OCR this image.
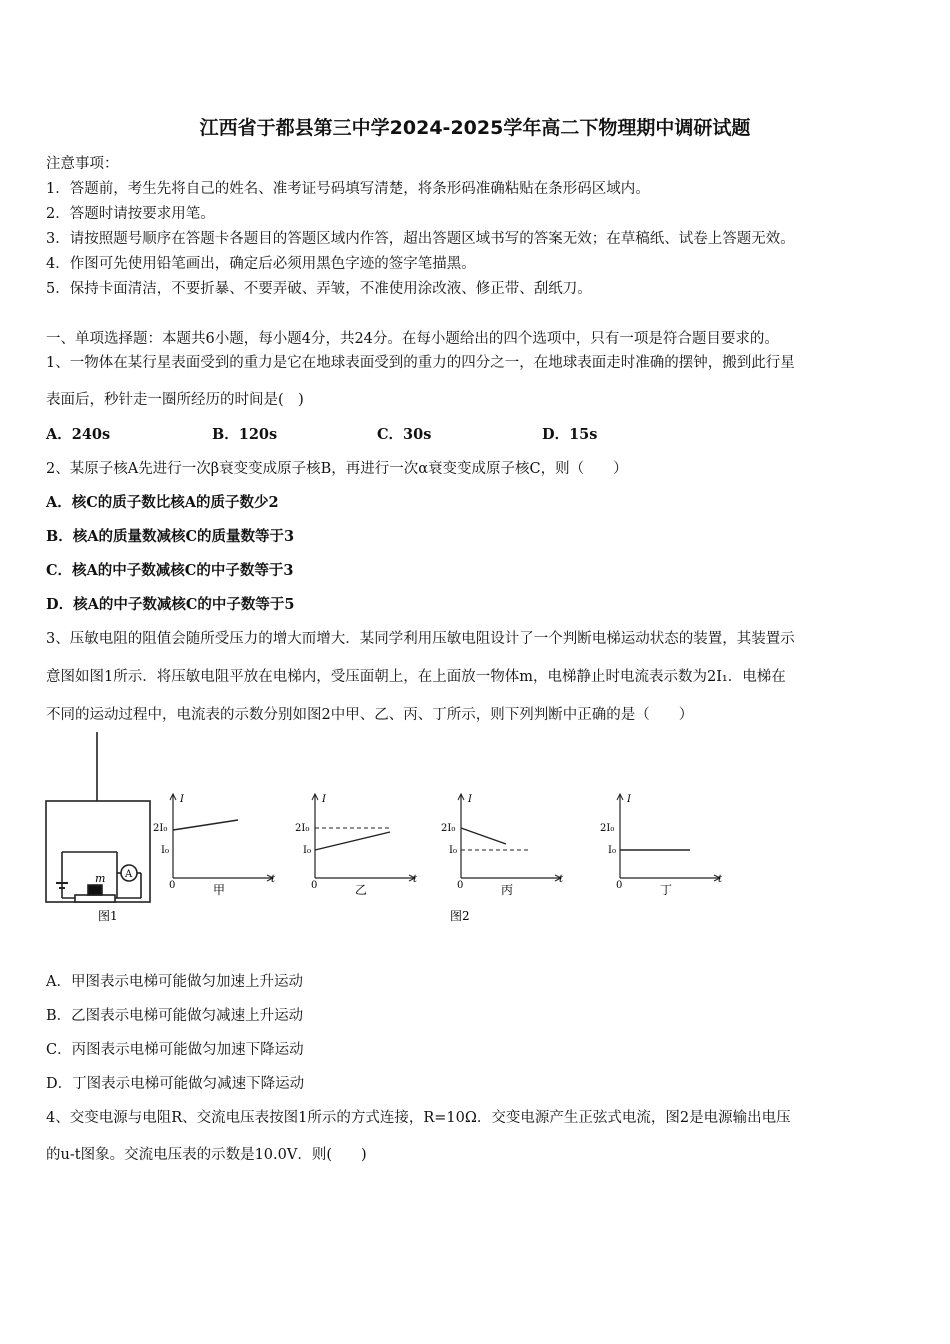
江西省于都县第三中学2024-2025学年高二下物理期中调研试题
注意事项：
1．答题前，考生先将自己的姓名、准考证号码填写清楚，将条形码准确粘贴在条形码区域内。
2．答题时请按要求用笔。
3．请按照题号顺序在答题卡各题目的答题区域内作答，超出答题区域书写的答案无效；在草稿纸、试卷上答题无效。
4．作图可先使用铅笔画出，确定后必须用黑色字迹的签字笔描黑。
5．保持卡面清洁，不要折暴、不要弄破、弄皱，不准使用涂改液、修正带、刮纸刀。
一、单项选择题：本题共6小题，每小题4分，共24分。在每小题给出的四个选项中，只有一项是符合题目要求的。
1、一物体在某行星表面受到的重力是它在地球表面受到的重力的四分之一，在地球表面走时准确的摆钟，搬到此行星
表面后，秒针走一圈所经历的时间是(　)
A．240s	B．120s	C．30s	D．15s
2、某原子核A先进行一次β衰变变成原子核B，再进行一次α衰变变成原子核C，则（　　）
A．核C的质子数比核A的质子数少2
B．核A的质量数减核C的质量数等于3
C．核A的中子数减核C的中子数等于3
D．核A的中子数减核C的中子数等于5
3、压敏电阻的阻值会随所受压力的增大而增大．某同学利用压敏电阻设计了一个判断电梯运动状态的装置，其装置示
意图如图1所示．将压敏电阻平放在电梯内，受压面朝上，在上面放一物体m，电梯静止时电流表示数为2I₁．电梯在
不同的运动过程中，电流表的示数分别如图2中甲、乙、丙、丁所示，则下列判断中正确的是（　　）
m A
图1	图2
I
t
0
2I₀
I₀
甲
I
t
0
2I₀
I₀
乙
I
t
0
2I₀
I₀
丙
I
t
0
2I₀
I₀
丁
A．甲图表示电梯可能做匀加速上升运动
B．乙图表示电梯可能做匀减速上升运动
C．丙图表示电梯可能做匀加速下降运动
D．丁图表示电梯可能做匀减速下降运动
4、交变电源与电阻R、交流电压表按图1所示的方式连接，R=10Ω．交变电源产生正弦式电流，图2是电源输出电压
的u-t图象。交流电压表的示数是10.0V．则(　　)
